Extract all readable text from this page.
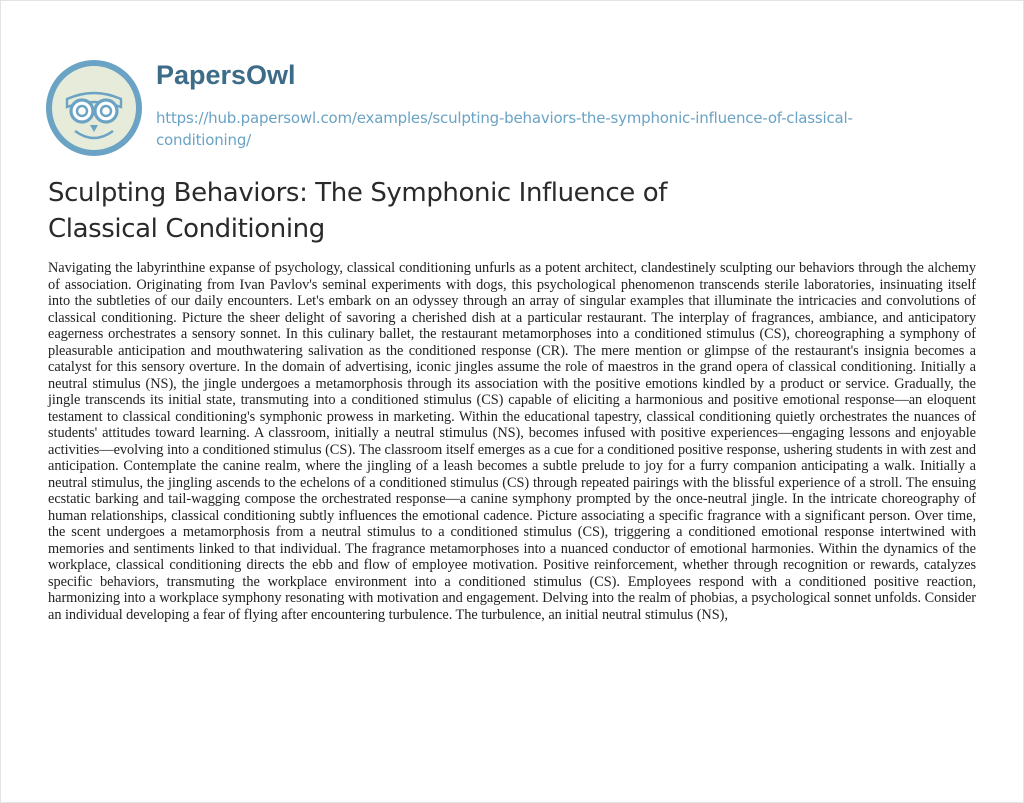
PapersOwl
https://hub.papersowl.com/examples/sculpting-behaviors-the-symphonic-influence-of-classical-conditioning/
Sculpting Behaviors: The Symphonic Influence of Classical Conditioning

Navigating the labyrinthine expanse of psychology, classical conditioning unfurls as a potent architect, clandestinely sculpting our behaviors through the alchemy of association. Originating from Ivan Pavlov's seminal experiments with dogs, this psychological phenomenon transcends sterile laboratories, insinuating itself into the subtleties of our daily encounters. Let's embark on an odyssey through an array of singular examples that illuminate the intricacies and convolutions of classical conditioning. Picture the sheer delight of savoring a cherished dish at a particular restaurant. The interplay of fragrances, ambiance, and anticipatory eagerness orchestrates a sensory sonnet. In this culinary ballet, the restaurant metamorphoses into a conditioned stimulus (CS), choreographing a symphony of pleasurable anticipation and mouthwatering salivation as the conditioned response (CR). The mere mention or glimpse of the restaurant's insignia becomes a catalyst for this sensory overture. In the domain of advertising, iconic jingles assume the role of maestros in the grand opera of classical conditioning. Initially a neutral stimulus (NS), the jingle undergoes a metamorphosis through its association with the positive emotions kindled by a product or service. Gradually, the jingle transcends its initial state, transmuting into a conditioned stimulus (CS) capable of eliciting a harmonious and positive emotional response—an eloquent testament to classical conditioning's symphonic prowess in marketing. Within the educational tapestry, classical conditioning quietly orchestrates the nuances of students' attitudes toward learning. A classroom, initially a neutral stimulus (NS), becomes infused with positive experiences—engaging lessons and enjoyable activities—evolving into a conditioned stimulus (CS). The classroom itself emerges as a cue for a conditioned positive response, ushering students in with zest and anticipation. Contemplate the canine realm, where the jingling of a leash becomes a subtle prelude to joy for a furry companion anticipating a walk. Initially a neutral stimulus, the jingling ascends to the echelons of a conditioned stimulus (CS) through repeated pairings with the blissful experience of a stroll. The ensuing ecstatic barking and tail-wagging compose the orchestrated response—a canine symphony prompted by the once-neutral jingle. In the intricate choreography of human relationships, classical conditioning subtly influences the emotional cadence. Picture associating a specific fragrance with a significant person. Over time, the scent undergoes a metamorphosis from a neutral stimulus to a conditioned stimulus (CS), triggering a conditioned emotional response intertwined with memories and sentiments linked to that individual. The fragrance metamorphoses into a nuanced conductor of emotional harmonies. Within the dynamics of the workplace, classical conditioning directs the ebb and flow of employee motivation. Positive reinforcement, whether through recognition or rewards, catalyzes specific behaviors, transmuting the workplace environment into a conditioned stimulus (CS). Employees respond with a conditioned positive reaction, harmonizing into a workplace symphony resonating with motivation and engagement. Delving into the realm of phobias, a psychological sonnet unfolds. Consider an individual developing a fear of flying after encountering turbulence. The turbulence, an initial neutral stimulus (NS),
